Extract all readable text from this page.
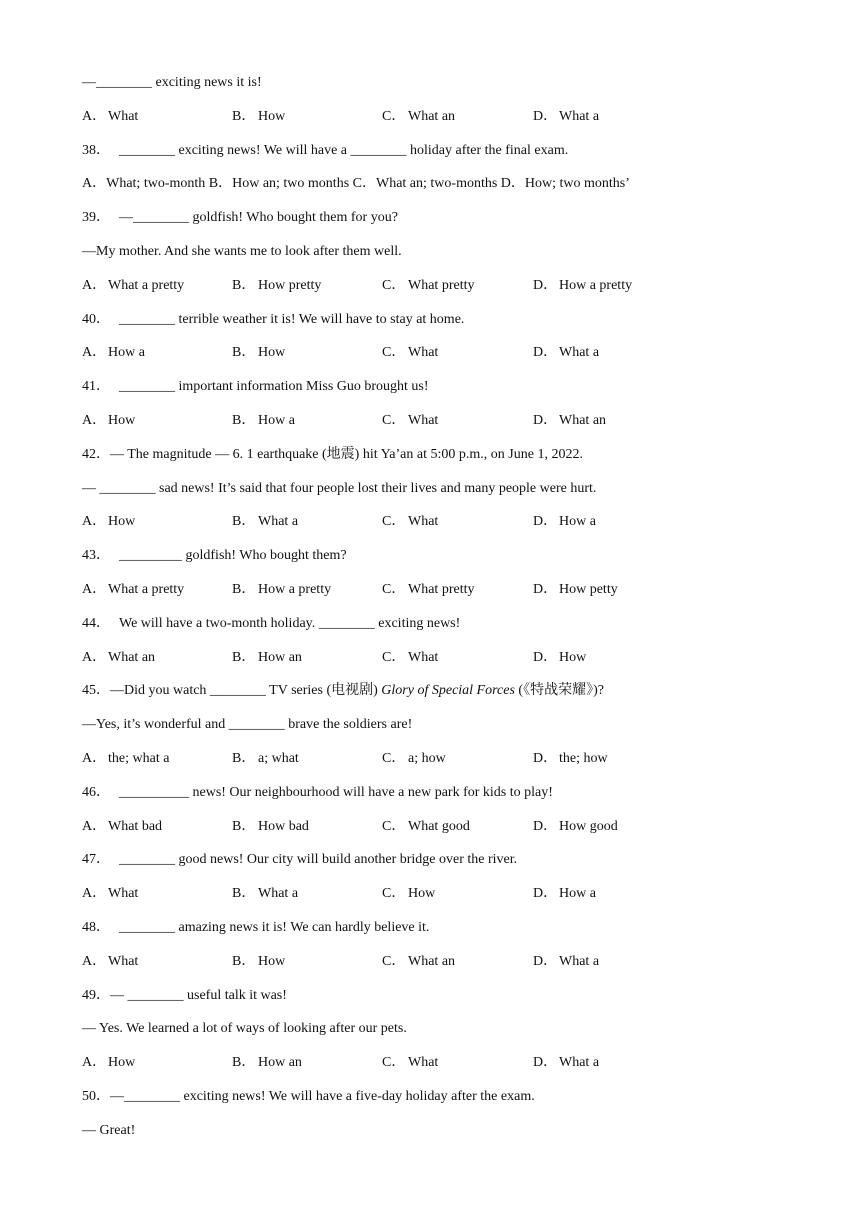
—________ exciting news it is!
A． What	B． How	C． What an	D． What a
38． ________ exciting news! We will have a ________ holiday after the final exam.
A．What; two-month B．How an; two months C．What an; two-months D．How; two months’
39． —________ goldfish! Who bought them for you?
—My mother. And she wants me to look after them well.
A． What a pretty	B． How pretty	C． What pretty	D． How a pretty
40． ________ terrible weather it is! We will have to stay at home.
A． How a	B． How	C． What	D． What a
41． ________ important information Miss Guo brought us!
A． How	B． How a	C． What	D． What an
42．— The magnitude — 6. 1 earthquake (地震) hit Ya’an at 5:00 p.m., on June 1, 2022.
— ________ sad news! It’s said that four people lost their lives and many people were hurt.
A． How	B． What a	C． What	D． How a
43． _________ goldfish! Who bought them?
A． What a pretty	B． How a pretty	C． What pretty	D． How petty
44． We will have a two-month holiday. ________ exciting news!
A． What an	B． How an	C． What	D． How
45．—Did you watch ________ TV series (电视剧) Glory of Special Forces (《特战荣耀》)?
—Yes, it’s wonderful and ________ brave the soldiers are!
A． the; what a	B． a; what	C． a; how	D． the; how
46． __________ news! Our neighbourhood will have a new park for kids to play!
A． What bad	B． How bad	C． What good	D． How good
47． ________ good news! Our city will build another bridge over the river.
A． What	B． What a	C． How	D． How a
48． ________ amazing news it is! We can hardly believe it.
A． What	B． How	C． What an	D． What a
49．— ________ useful talk it was!
— Yes. We learned a lot of ways of looking after our pets.
A． How	B． How an	C． What	D． What a
50．—________ exciting news! We will have a five-day holiday after the exam.
— Great!
